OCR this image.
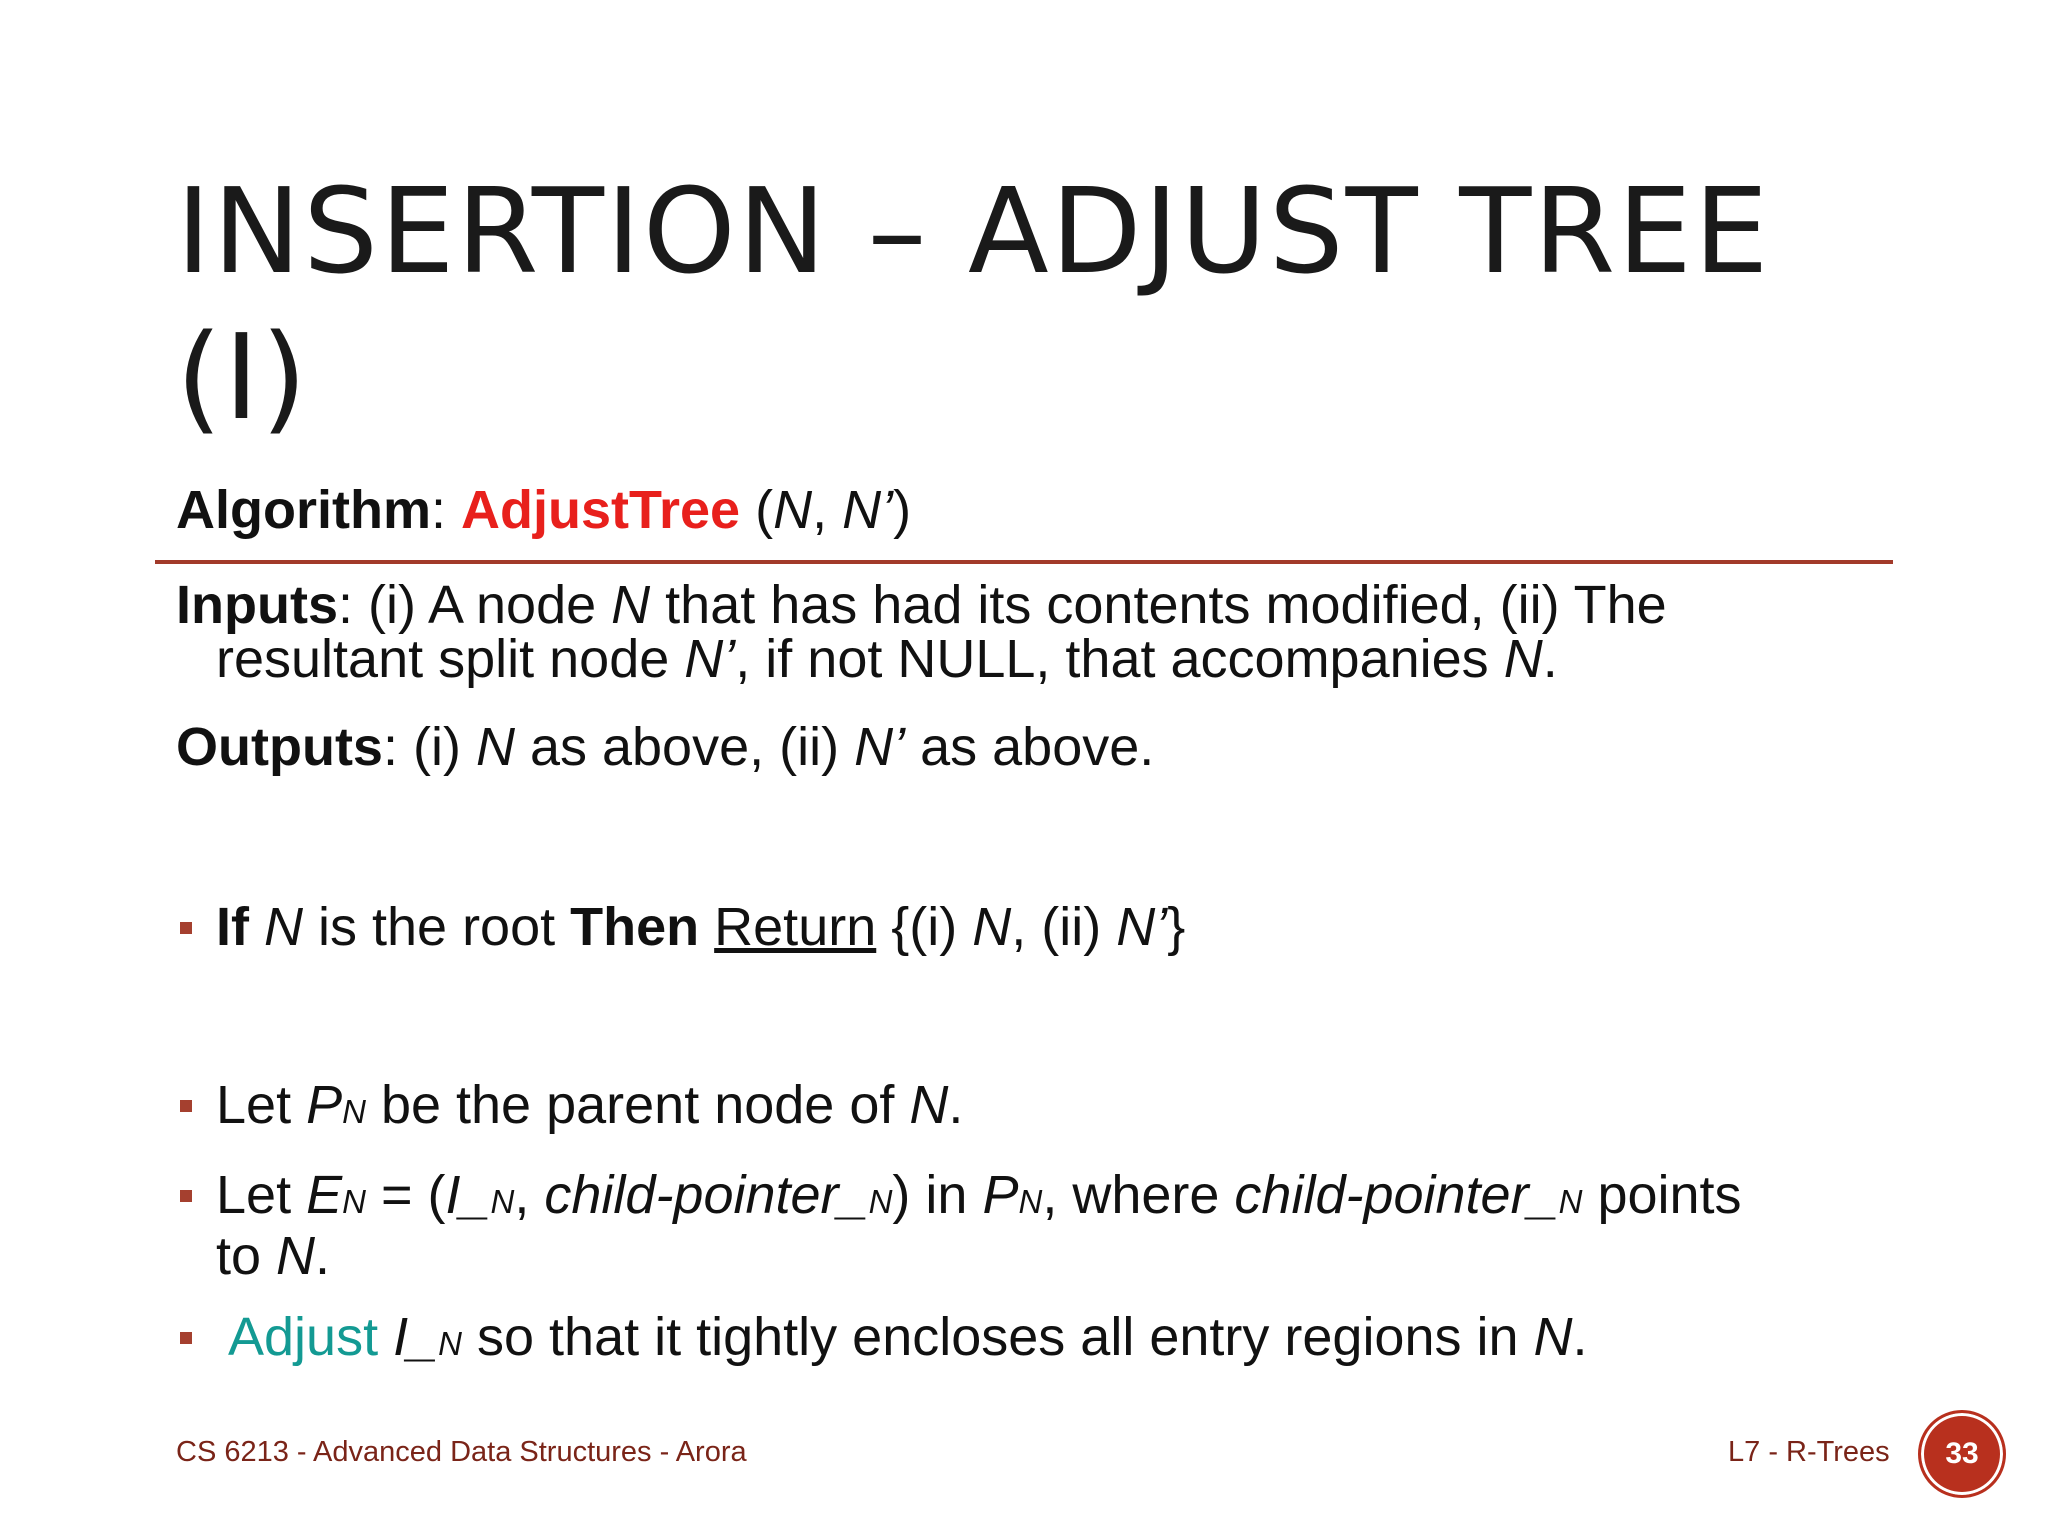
INSERTION – ADJUST TREE (I)
Algorithm: AdjustTree (N, N’)
Inputs: (i) A node N that has had its contents modified, (ii) The
resultant split node N’, if not NULL, that accompanies N.
Outputs: (i) N as above, (ii) N’ as above.
If N is the root Then Return {(i) N, (ii) N’}
Let PN be the parent node of N.
Let EN = (I_N, child-pointer_N) in PN, where child-pointer_N points
to N.
Adjust I_N so that it tightly encloses all entry regions in N.
CS 6213 - Advanced Data Structures - Arora	L7 - R-Trees	33
